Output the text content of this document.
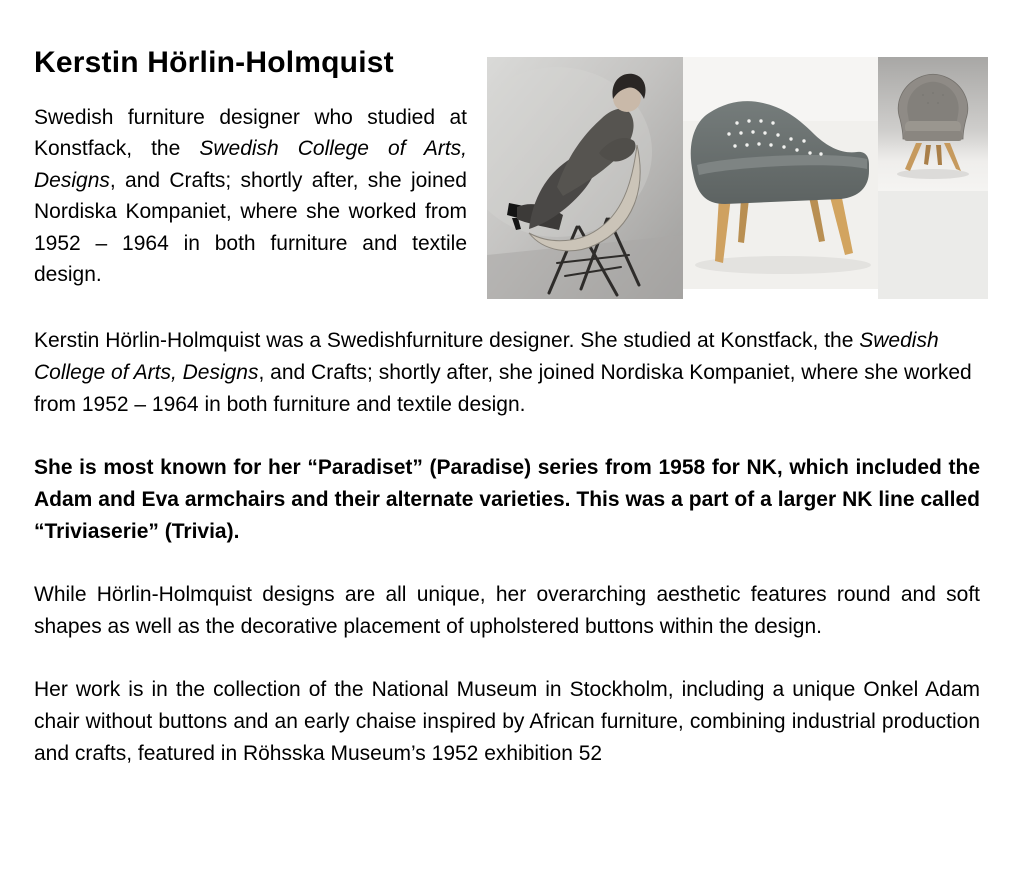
Kerstin Hörlin-Holmquist

Swedish furniture designer who studied at Konstfack, the Swedish College of Arts, Designs, and Crafts; shortly after, she joined Nordiska Kompaniet, where she worked from 1952 – 1964 in both furniture and textile design.

Kerstin Hörlin-Holmquist was a Swedishfurniture designer. She studied at Konstfack, the Swedish College of Arts, Designs, and Crafts; shortly after, she joined Nordiska Kompaniet, where she worked from 1952 – 1964 in both furniture and textile design.

She is most known for her “Paradiset” (Paradise) series from 1958 for NK, which included the Adam and Eva armchairs and their alternate varieties. This was a part of a larger NK line called “Triviaserie” (Trivia).

While Hörlin-Holmquist designs are all unique, her overarching aesthetic features round and soft shapes as well as the decorative placement of upholstered buttons within the design.

Her work is in the collection of the National Museum in Stockholm, including a unique Onkel Adam chair without buttons and an early chaise inspired by African furniture, combining industrial production and crafts, featured in Röhsska Museum’s 1952 exhibition 52
